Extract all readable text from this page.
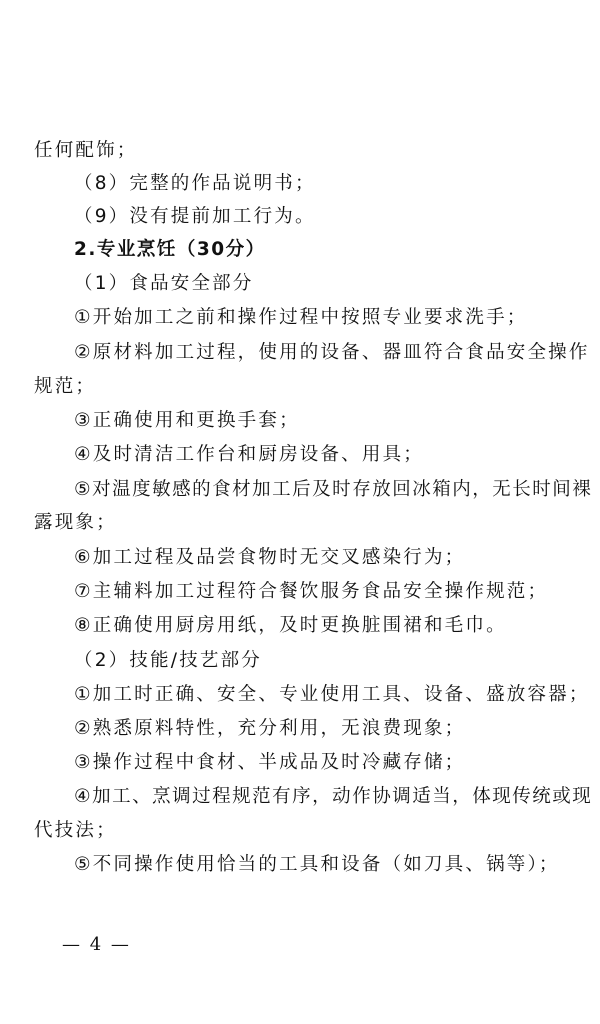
任何配饰；
（8）完整的作品说明书；
（9）没有提前加工行为。
2.专业烹饪（30分）
（1）食品安全部分
①开始加工之前和操作过程中按照专业要求洗手；
②原材料加工过程，使用的设备、器皿符合食品安全操作
规范；
③正确使用和更换手套；
④及时清洁工作台和厨房设备、用具；
⑤对温度敏感的食材加工后及时存放回冰箱内，无长时间裸
露现象；
⑥加工过程及品尝食物时无交叉感染行为；
⑦主辅料加工过程符合餐饮服务食品安全操作规范；
⑧正确使用厨房用纸，及时更换脏围裙和毛巾。
（2）技能/技艺部分
①加工时正确、安全、专业使用工具、设备、盛放容器；
②熟悉原料特性，充分利用，无浪费现象；
③操作过程中食材、半成品及时冷藏存储；
④加工、烹调过程规范有序，动作协调适当，体现传统或现
代技法；
⑤不同操作使用恰当的工具和设备（如刀具、锅等）；
— 4 —
